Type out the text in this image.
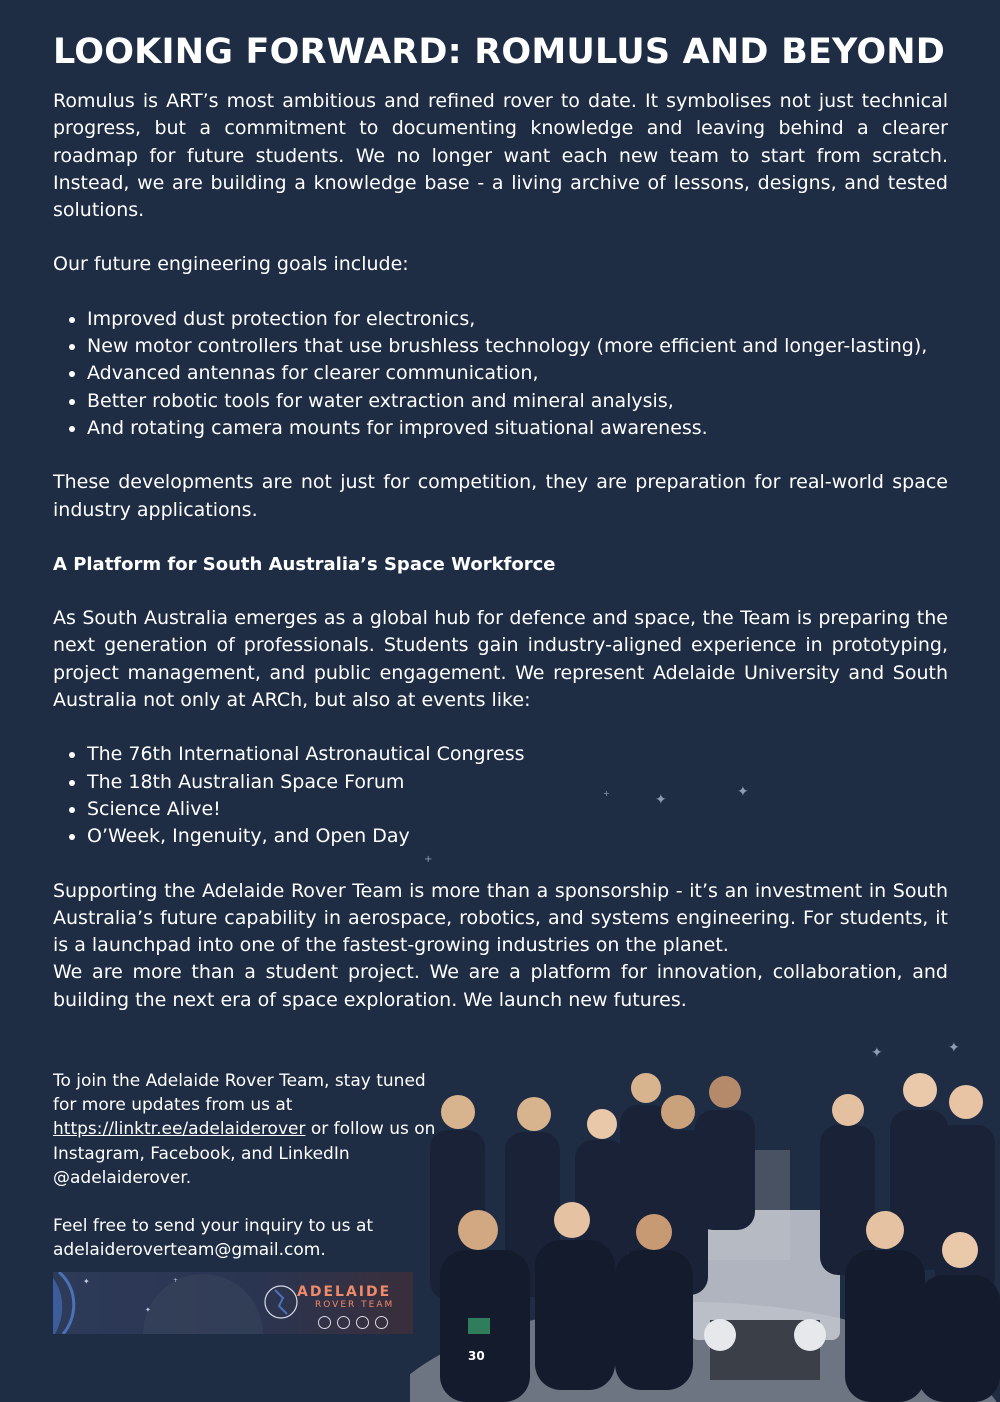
✦	✦
+
✦	✦
+
LOOKING FORWARD: ROMULUS AND BEYOND

Romulus is ART’s most ambitious and refined rover to date. It symbolises not just technical progress, but a commitment to documenting knowledge and leaving behind a clearer roadmap for future students. We no longer want each new team to start from scratch. Instead, we are building a knowledge base - a living archive of lessons, designs, and tested solutions.

Our future engineering goals include:

• Improved dust protection for electronics,
• New motor controllers that use brushless technology (more efficient and longer-lasting),
• Advanced antennas for clearer communication,
• Better robotic tools for water extraction and mineral analysis,
• And rotating camera mounts for improved situational awareness.

These developments are not just for competition, they are preparation for real-world space industry applications.

A Platform for South Australia’s Space Workforce

As South Australia emerges as a global hub for defence and space, the Team is preparing the next generation of professionals. Students gain industry-aligned experience in prototyping, project management, and public engagement. We represent Adelaide University and South Australia not only at ARCh, but also at events like:

• The 76th International Astronautical Congress
• The 18th Australian Space Forum
• Science Alive!
• O’Week, Ingenuity, and Open Day

Supporting the Adelaide Rover Team is more than a sponsorship - it’s an investment in South Australia’s future capability in aerospace, robotics, and systems engineering. For students, it is a launchpad into one of the fastest-growing industries on the planet.

We are more than a student project. We are a platform for innovation, collaboration, and building the next era of space exploration. We launch new futures.

To join the Adelaide Rover Team, stay tuned for more updates from us at https://linktr.ee/adelaiderover or follow us on Instagram, Facebook, and LinkedIn @adelaiderover.
Feel free to send your inquiry to us at adelaideroverteam@gmail.com.
✦
✦
+
ADELAIDE
ROVER TEAM
30
